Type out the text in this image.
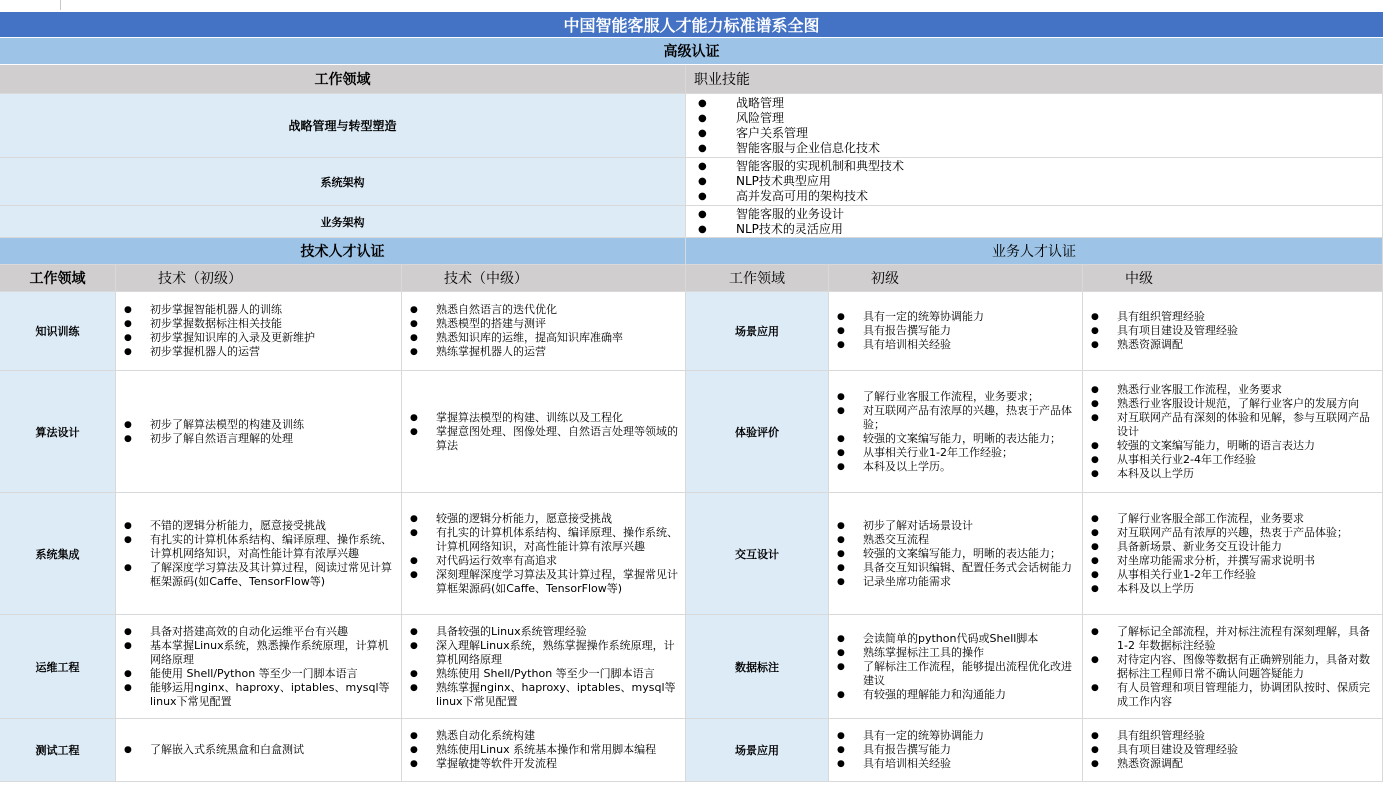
中国智能客服人才能力标准谱系全图
高级认证
工作领域	职业技能
战略管理与转型塑造
● 战略管理
● 风险管理
● 客户关系管理
● 智能客服与企业信息化技术
系统架构
● 智能客服的实现机制和典型技术
● NLP技术典型应用
● 高并发高可用的架构技术
业务架构
● 智能客服的业务设计
● NLP技术的灵活应用
技术人才认证	业务人才认证
工作领域	技术（初级）	技术（中级）	工作领域	初级	中级
知识训练
● 初步掌握智能机器人的训练
● 初步掌握数据标注相关技能
● 初步掌握知识库的入录及更新维护
● 初步掌握机器人的运营
● 熟悉自然语言的迭代优化
● 熟悉模型的搭建与测评
● 熟悉知识库的运维，提高知识库准确率
● 熟练掌握机器人的运营
场景应用
● 具有一定的统筹协调能力
● 具有报告撰写能力
● 具有培训相关经验
● 具有组织管理经验
● 具有项目建设及管理经验
● 熟悉资源调配
算法设计
● 初步了解算法模型的构建及训练
● 初步了解自然语言理解的处理
● 掌握算法模型的构建、训练以及工程化
● 掌握意图处理、图像处理、自然语言处理等领域的算法
体验评价
● 了解行业客服工作流程，业务要求；
● 对互联网产品有浓厚的兴趣，热衷于产品体验；
● 较强的文案编写能力，明晰的表达能力；
● 从事相关行业1-2年工作经验；
● 本科及以上学历。
● 熟悉行业客服工作流程，业务要求
● 熟悉行业客服设计规范，了解行业客户的发展方向
● 对互联网产品有深刻的体验和见解，参与互联网产品设计
● 较强的文案编写能力，明晰的语言表达力
● 从事相关行业2-4年工作经验
● 本科及以上学历
系统集成
● 不错的逻辑分析能力，愿意接受挑战
● 有扎实的计算机体系结构、编译原理、操作系统、计算机网络知识，对高性能计算有浓厚兴趣
● 了解深度学习算法及其计算过程，阅读过常见计算框架源码(如Caffe、TensorFlow等)
● 较强的逻辑分析能力，愿意接受挑战
● 有扎实的计算机体系结构、编译原理、操作系统、计算机网络知识，对高性能计算有浓厚兴趣
● 对代码运行效率有高追求
● 深刻理解深度学习算法及其计算过程，掌握常见计算框架源码(如Caffe、TensorFlow等)
交互设计
● 初步了解对话场景设计
● 熟悉交互流程
● 较强的文案编写能力，明晰的表达能力；
● 具备交互知识编辑、配置任务式会话树能力
● 记录坐席功能需求
● 了解行业客服全部工作流程，业务要求
● 对互联网产品有浓厚的兴趣，热衷于产品体验；
● 具备新场景、新业务交互设计能力
● 对坐席功能需求分析，并撰写需求说明书
● 从事相关行业1-2年工作经验
● 本科及以上学历
运维工程
● 具备对搭建高效的自动化运维平台有兴趣
● 基本掌握Linux系统，熟悉操作系统原理，计算机网络原理
● 能使用 Shell/Python 等至少一门脚本语言
● 能够运用nginx、haproxy、iptables、mysql等linux下常见配置
● 具备较强的Linux系统管理经验
● 深入理解Linux系统，熟练掌握操作系统原理，计算机网络原理
● 熟练使用 Shell/Python 等至少一门脚本语言
● 熟练掌握nginx、haproxy、iptables、mysql等linux下常见配置
数据标注
● 会读简单的python代码或Shell脚本
● 熟练掌握标注工具的操作
● 了解标注工作流程，能够提出流程优化改进建议
● 有较强的理解能力和沟通能力
● 了解标记全部流程，并对标注流程有深刻理解，具备 1-2 年数据标注经验
● 对待定内容、图像等数据有正确辨别能力，具备对数据标注工程师日常不确认问题答疑能力
● 有人员管理和项目管理能力，协调团队按时、保质完成工作内容
测试工程
●	了解嵌入式系统黑盒和白盒测试
● 熟悉自动化系统构建
● 熟练使用Linux 系统基本操作和常用脚本编程
● 掌握敏捷等软件开发流程
场景应用
● 具有一定的统筹协调能力
● 具有报告撰写能力
● 具有培训相关经验
● 具有组织管理经验
● 具有项目建设及管理经验
● 熟悉资源调配
